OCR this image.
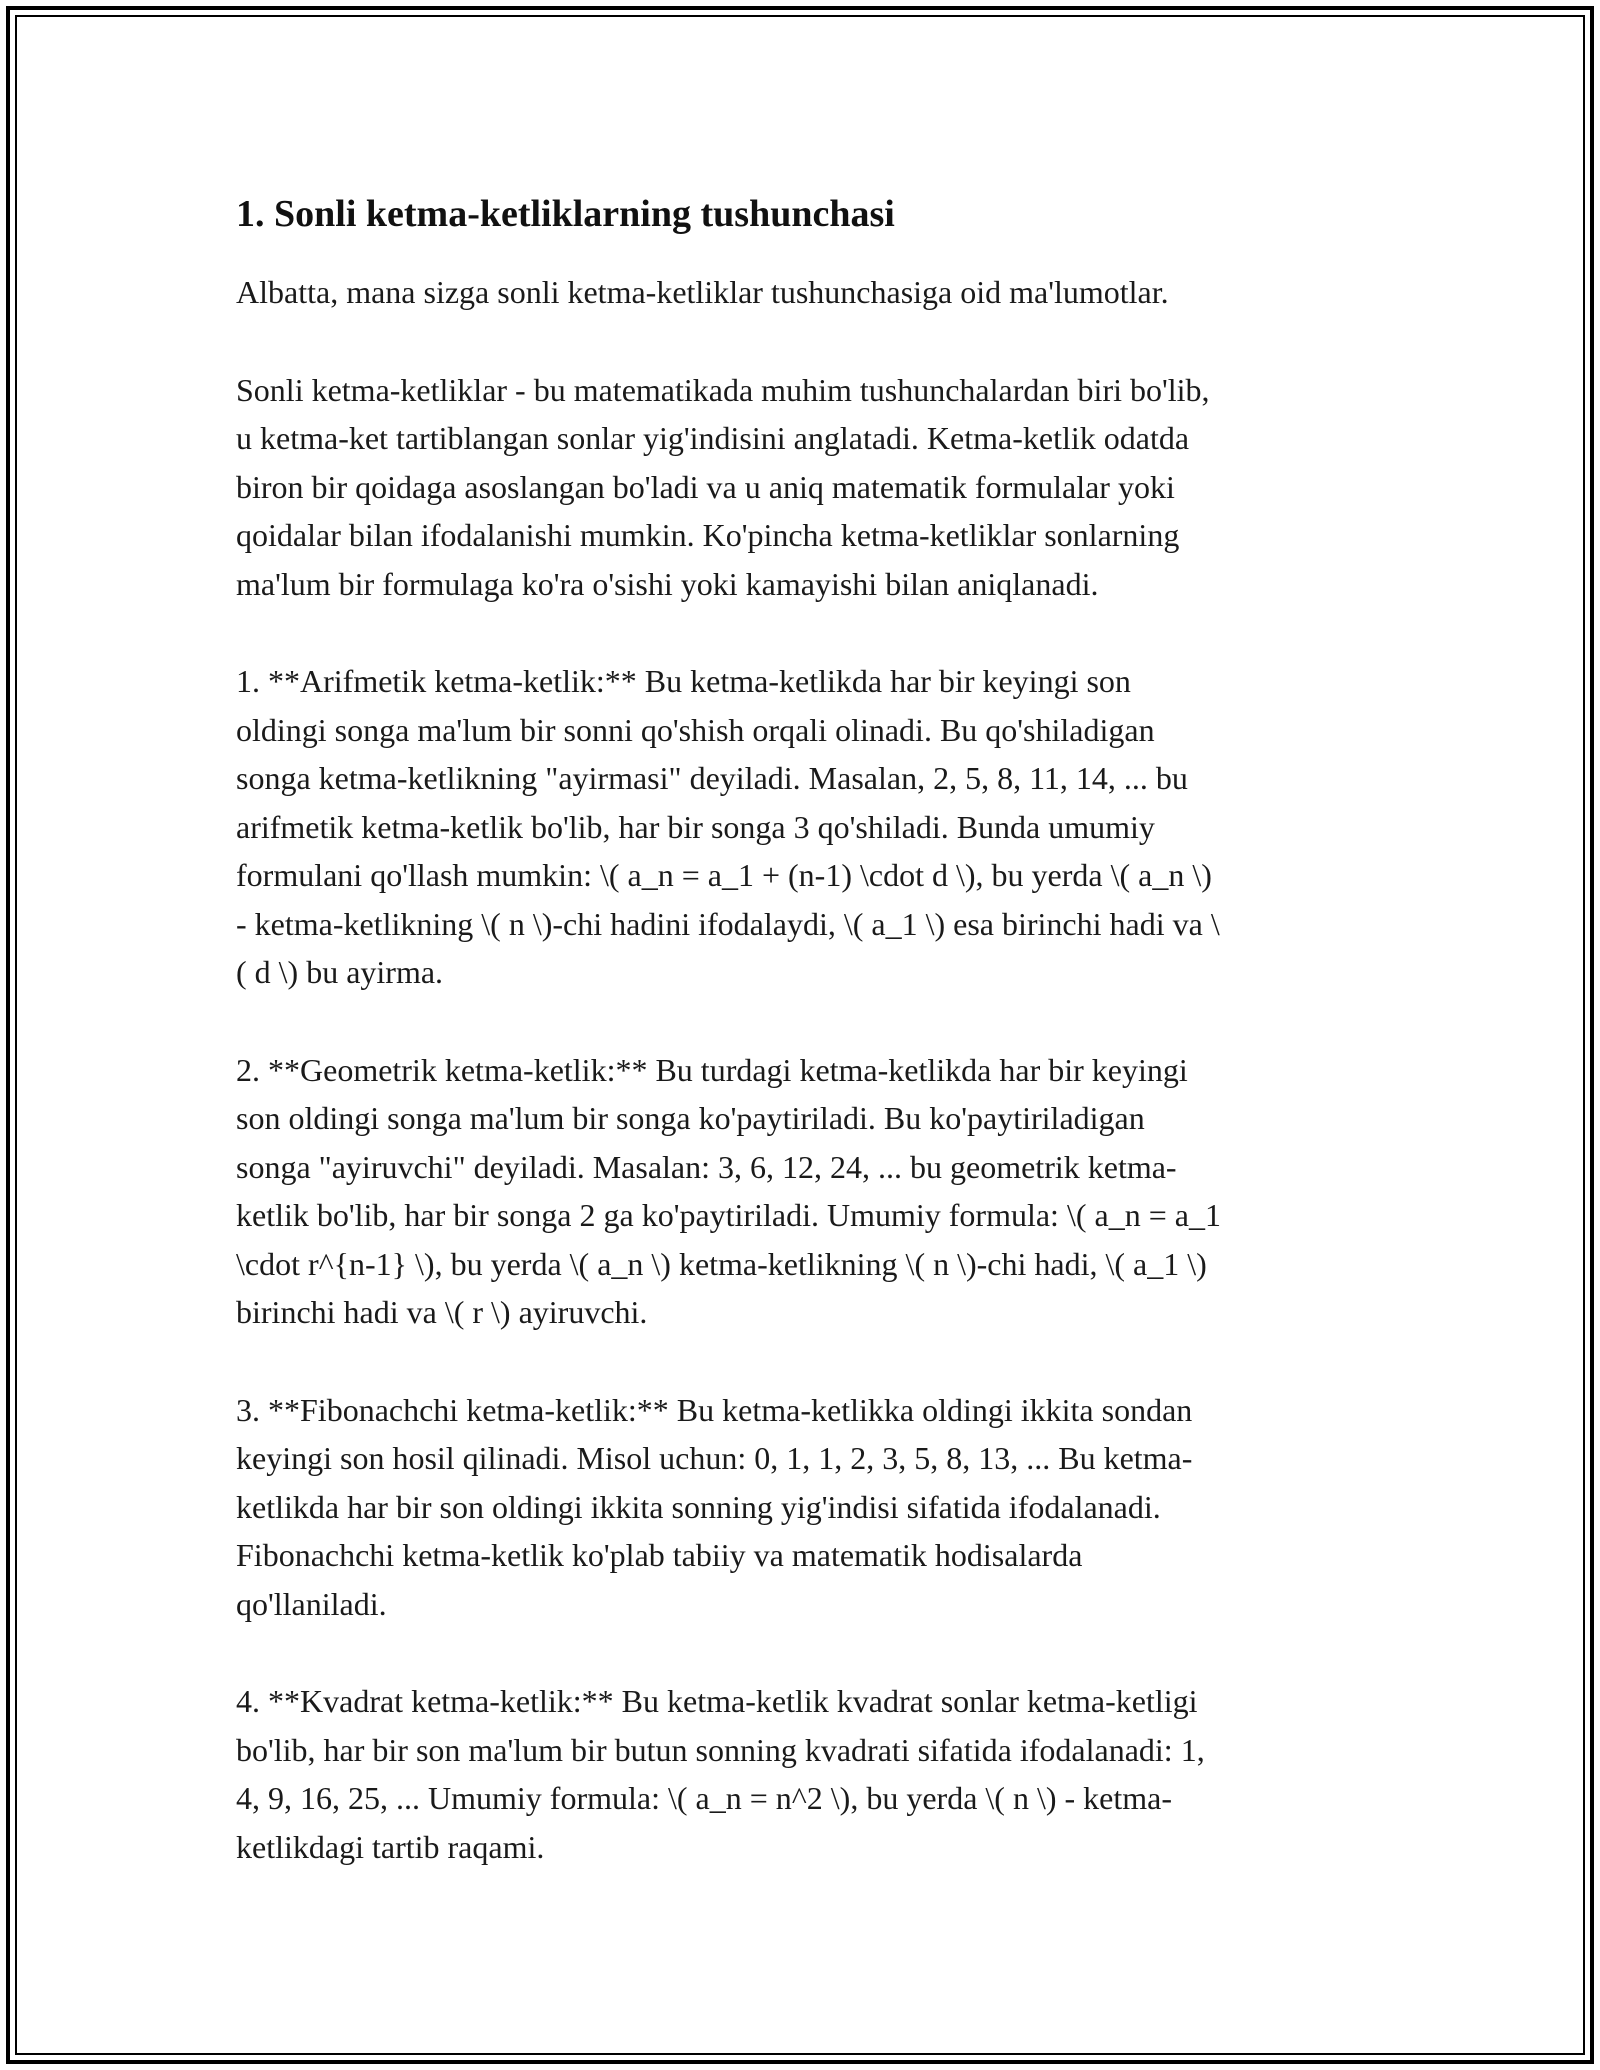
1. Sonli ketma-ketliklarning tushunchasi

Albatta, mana sizga sonli ketma-ketliklar tushunchasiga oid ma'lumotlar.

Sonli ketma-ketliklar - bu matematikada muhim tushunchalardan biri bo'lib,
u ketma-ket tartiblangan sonlar yig'indisini anglatadi. Ketma-ketlik odatda
biron bir qoidaga asoslangan bo'ladi va u aniq matematik formulalar yoki
qoidalar bilan ifodalanishi mumkin. Ko'pincha ketma-ketliklar sonlarning
ma'lum bir formulaga ko'ra o'sishi yoki kamayishi bilan aniqlanadi.

1. **Arifmetik ketma-ketlik:** Bu ketma-ketlikda har bir keyingi son
oldingi songa ma'lum bir sonni qo'shish orqali olinadi. Bu qo'shiladigan
songa ketma-ketlikning "ayirmasi" deyiladi. Masalan, 2, 5, 8, 11, 14, ... bu
arifmetik ketma-ketlik bo'lib, har bir songa 3 qo'shiladi. Bunda umumiy
formulani qo'llash mumkin: \( a_n = a_1 + (n-1) \cdot d \), bu yerda \( a_n \)
- ketma-ketlikning \( n \)-chi hadini ifodalaydi, \( a_1 \) esa birinchi hadi va \
( d \) bu ayirma.

2. **Geometrik ketma-ketlik:** Bu turdagi ketma-ketlikda har bir keyingi
son oldingi songa ma'lum bir songa ko'paytiriladi. Bu ko'paytiriladigan
songa "ayiruvchi" deyiladi. Masalan: 3, 6, 12, 24, ... bu geometrik ketma-
ketlik bo'lib, har bir songa 2 ga ko'paytiriladi. Umumiy formula: \( a_n = a_1
\cdot r^{n-1} \), bu yerda \( a_n \) ketma-ketlikning \( n \)-chi hadi, \( a_1 \)
birinchi hadi va \( r \) ayiruvchi.

3. **Fibonachchi ketma-ketlik:** Bu ketma-ketlikka oldingi ikkita sondan
keyingi son hosil qilinadi. Misol uchun: 0, 1, 1, 2, 3, 5, 8, 13, ... Bu ketma-
ketlikda har bir son oldingi ikkita sonning yig'indisi sifatida ifodalanadi.
Fibonachchi ketma-ketlik ko'plab tabiiy va matematik hodisalarda
qo'llaniladi.

4. **Kvadrat ketma-ketlik:** Bu ketma-ketlik kvadrat sonlar ketma-ketligi
bo'lib, har bir son ma'lum bir butun sonning kvadrati sifatida ifodalanadi: 1,
4, 9, 16, 25, ... Umumiy formula: \( a_n = n^2 \), bu yerda \( n \) - ketma-
ketlikdagi tartib raqami.
